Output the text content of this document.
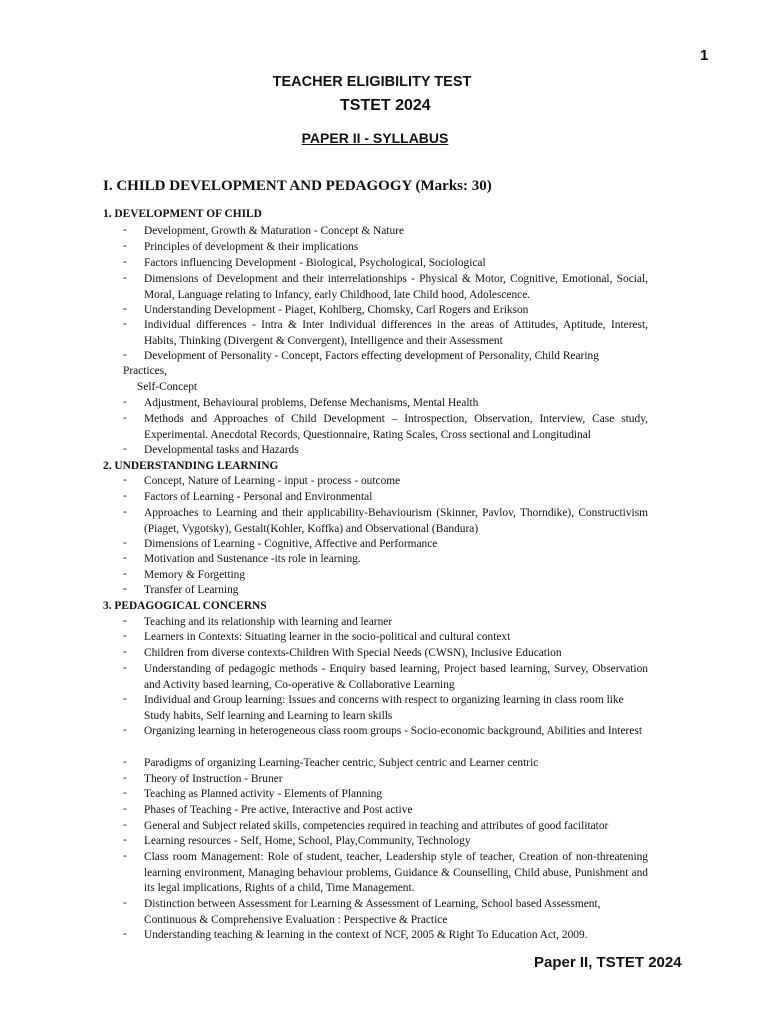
1
TEACHER ELIGIBILITY TEST
TSTET 2024
PAPER II - SYLLABUS
I. CHILD DEVELOPMENT AND PEDAGOGY (Marks: 30)
1. DEVELOPMENT OF CHILD
- Development, Growth & Maturation - Concept & Nature
- Principles of development & their implications
- Factors influencing Development - Biological, Psychological, Sociological
- Dimensions of Development and their interrelationships - Physical & Motor, Cognitive, Emotional, Social, Moral, Language relating to Infancy, early Childhood, late Child hood, Adolescence.
- Understanding Development - Piaget, Kohlberg, Chomsky, Carl Rogers and Erikson
- Individual differences - Intra & Inter Individual differences in the areas of Attitudes, Aptitude, Interest, Habits, Thinking (Divergent & Convergent), Intelligence and their Assessment
- Development of Personality - Concept, Factors effecting development of Personality, Child Rearing
Practices,
Self-Concept
- Adjustment, Behavioural problems, Defense Mechanisms, Mental Health
- Methods and Approaches of Child Development – Introspection, Observation, Interview, Case study, Experimental. Anecdotal Records, Questionnaire, Rating Scales, Cross sectional and Longitudinal
- Developmental tasks and Hazards
2. UNDERSTANDING LEARNING
- Concept, Nature of Learning - input - process - outcome
- Factors of Learning - Personal and Environmental
- Approaches to Learning and their applicability-Behaviourism (Skinner, Pavlov, Thorndike), Constructivism (Piaget, Vygotsky), Gestalt(Kohler, Koffka) and Observational (Bandura)
- Dimensions of Learning - Cognitive, Affective and Performance
- Motivation and Sustenance -its role in learning.
- Memory & Forgetting
- Transfer of Learning
3. PEDAGOGICAL CONCERNS
- Teaching and its relationship with learning and learner
- Learners in Contexts: Situating learner in the socio-political and cultural context
- Children from diverse contexts-Children With Special Needs (CWSN), Inclusive Education
- Understanding of pedagogic methods - Enquiry based learning, Project based learning, Survey, Observation and Activity based learning, Co-operative & Collaborative Learning
- Individual and Group learning: Issues and concerns with respect to organizing learning in class room like Study habits, Self learning and Learning to learn skills
- Organizing learning in heterogeneous class room groups - Socio-economic background, Abilities and Interest
- Paradigms of organizing Learning-Teacher centric, Subject centric and Learner centric
- Theory of Instruction - Bruner
- Teaching as Planned activity - Elements of Planning
- Phases of Teaching - Pre active, Interactive and Post active
- General and Subject related skills, competencies required in teaching and attributes of good facilitator
- Learning resources - Self, Home, School, Play,Community, Technology
- Class room Management: Role of student, teacher, Leadership style of teacher, Creation of non-threatening learning environment, Managing behaviour problems, Guidance & Counselling, Child abuse, Punishment and its legal implications, Rights of a child, Time Management.
- Distinction between Assessment for Learning & Assessment of Learning, School based Assessment, Continuous & Comprehensive Evaluation : Perspective & Practice
- Understanding teaching & learning in the context of NCF, 2005 & Right To Education Act, 2009.
Paper II, TSTET 2024
